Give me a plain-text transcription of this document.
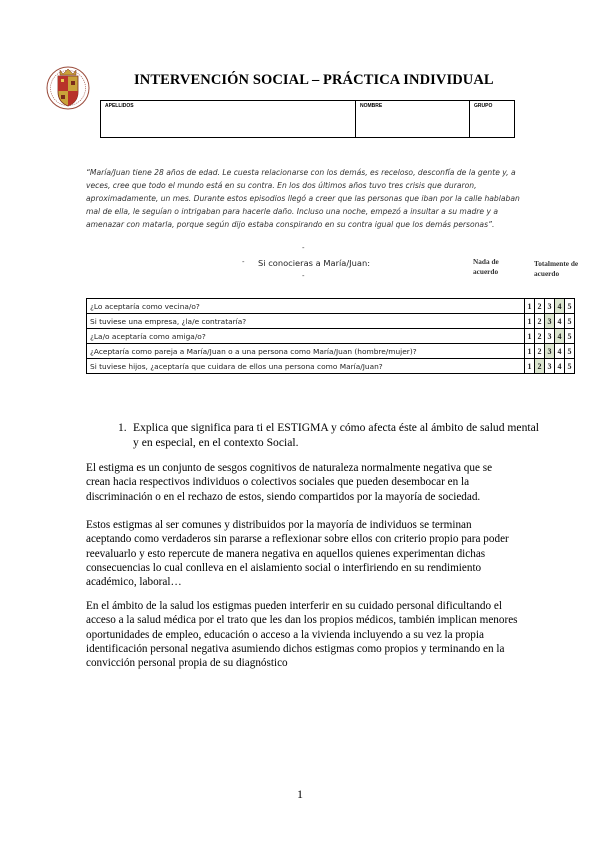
INTERVENCIÓN SOCIAL – PRÁCTICA INDIVIDUAL
APELLIDOS	NOMBRE	GRUPO
“María/Juan tiene 28 años de edad. Le cuesta relacionarse con los demás, es receloso, desconfía de la gente y, a veces, cree que todo el mundo está en su contra. En los dos últimos años tuvo tres crisis que duraron, aproximadamente, un mes. Durante estos episodios llegó a creer que las personas que iban por la calle hablaban mal de ella, le seguían o intrigaban para hacerle daño. Incluso una noche, empezó a insultar a su madre y a amenazar con matarla, porque según dijo estaba conspirando en su contra igual que los demás personas”.
-
-
-
Si conocieras a María/Juan:	Nada de acuerdo
Totalmente de acuerdo
¿Lo aceptaría como vecina/o?	1	2	3	4	5
Si tuviese una empresa, ¿la/e contrataría?	1	2	3	4	5
¿La/o aceptaría como amiga/o?	1	2	3	4	5
¿Aceptaría como pareja a María/Juan o a una persona como María/Juan (hombre/mujer)?	1	2	3	4	5
Si tuviese hijos, ¿aceptaría que cuidara de ellos una persona como María/Juan?	1	2	3	4	5
1. Explica que significa para ti el ESTIGMA y cómo afecta éste al ámbito de salud mental y en especial, en el contexto Social.
El estigma es un conjunto de sesgos cognitivos de naturaleza normalmente negativa que se crean hacia respectivos individuos o colectivos sociales que pueden desembocar en la discriminación o en el rechazo de estos, siendo compartidos por la mayoría de sociedad.
Estos estigmas al ser comunes y distribuidos por la mayoría de individuos se terminan aceptando como verdaderos sin pararse a reflexionar sobre ellos con criterio propio para poder reevaluarlo y esto repercute de manera negativa en aquellos quienes experimentan dichas consecuencias lo cual conlleva en el aislamiento social o interfiriendo en su rendimiento académico, laboral…
En el ámbito de la salud los estigmas pueden interferir en su cuidado personal dificultando el acceso a la salud médica por el trato que les dan los propios médicos, también implican menores oportunidades de empleo, educación o acceso a la vivienda incluyendo a su vez la propia identificación personal negativa asumiendo dichos estigmas como propios y terminando en la convicción personal propia de su diagnóstico
1
